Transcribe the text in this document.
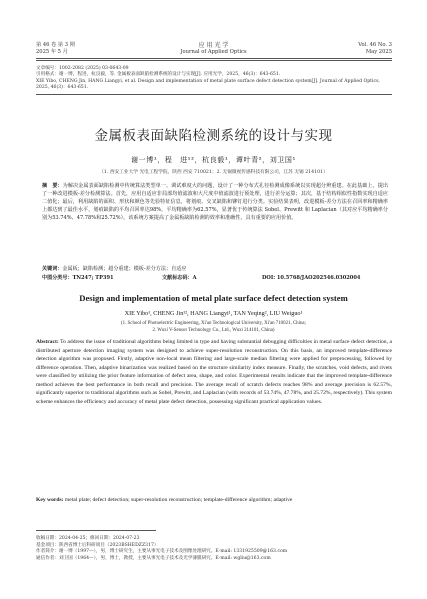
第 46 卷 第 3 期
2025 年 5 月
应 用 光 学
Journal of Applied Optics
Vol. 46 No. 3
May 2025
文章编号：1002-2082 (2025) 03-0643-09
引用格式：谢一博，程进，杭良毅，等. 金属板表面缺陷检测系统的设计与实现[J]. 应用光学，2025，46(3)：643-651.
XIE Yibo, CHENG Jin, HANG Liangyi, et al. Design and implementation of metal plate surface defect detection system[J]. Journal of Applied Optics, 2025, 46(3)：643-651.
金属板表面缺陷检测系统的设计与实现
谢一博¹，程　进¹²，杭良毅¹，谭叶青²，刘卫国¹
（1. 西安工业大学 光电工程学院，陕西 西安 710021；2. 无锡微视传感科技有限公司，江苏 无锡 214101）
摘　要：为解决金属表面缺陷检测中传统算法类型单一、调试难度大的问题，设计了一种分布式孔径检测成像系统以实现超分辨重建。在此基础上，提出了一种改进模板-差分检测算法。首先，应用自适应非局部均值滤波和大尺度中值滤波进行预处理，进行差分运算；其次，基于结构相似性指数实现自适应二值化；最后，利用缺陷的面积、形状和颜色等先验特征信息，将划痕、交叉缺陷和铆钉进行分类。实验结果表明，改进模板-差分方法在召回率和精确率上都达到了最佳水平，划痕缺陷的平均召回率达98%，平均精确率为62.57%，显著优于传统算法 Sobel、Prewitt 和 Laplacian（其对应平均精确率分别为53.74%、47.78%和25.72%）。该系统方案提高了金属板缺陷检测的效率和准确性，具有重要的应用价值。
关键词：金属板；缺陷检测；超分重建；模板-差分方法；自适应
中图分类号：TN247; TP391	文献标志码：A	DOI: 10.5768/JAO202546.0302004
Design and implementation of metal plate surface defect detection system
XIE Yibo¹, CHENG Jin¹², HANG Liangyi¹, TAN Yeqing², LIU Weiguo¹
(1. School of Photoelectric Engineering, Xi'an Technological University, Xi'an 710021, China;
2. Wuxi V-Sensor Technology Co., Ltd., Wuxi 214101, China)
Abstract: To address the issue of traditional algorithms being limited in type and having substantial debugging difficulties in metal surface defect detection, a distributed aperture detection imaging system was designed to achieve super-resolution reconstruction. On this basis, an improved template-difference detection algorithm was proposed. Firstly, adaptive non-local mean filtering and large-scale median filtering were applied for preprocessing, followed by difference operation. Then, adaptive binarization was realized based on the structure similarity index measure. Finally, the scratches, void defects, and rivets were classified by utilizing the prior feature information of defect area, shape, and color. Experimental results indicate that the improved template-difference method achieves the best performance in both recall and precision. The average recall of scratch defects reaches 98% and average precision is 62.57%, significantly superior to traditional algorithms such as Sobel, Prewitt, and Laplacian (with records of 53.74%, 47.78%, and 25.72%, respectively). This system scheme enhances the efficiency and accuracy of metal plate defect detection, possessing significant practical application values.
Key words: metal plate; defect detection; super-resolution reconstruction; template-difference algorithm; adaptive
收稿日期：2024-04-25；修回日期：2024-07-23
基金项目：陕西省博士后科研项目（2023BSHEDZZ317）
作者简介：谢一博（1997—），男，博士研究生，主要从事光电子技术及图像处理研究。E-mail: 1331925509@163.com
通信作者：刘卫国（1964—），男，博士，教授，主要从事光电子技术及光学薄膜研究。E-mail: wgliu@163.com
